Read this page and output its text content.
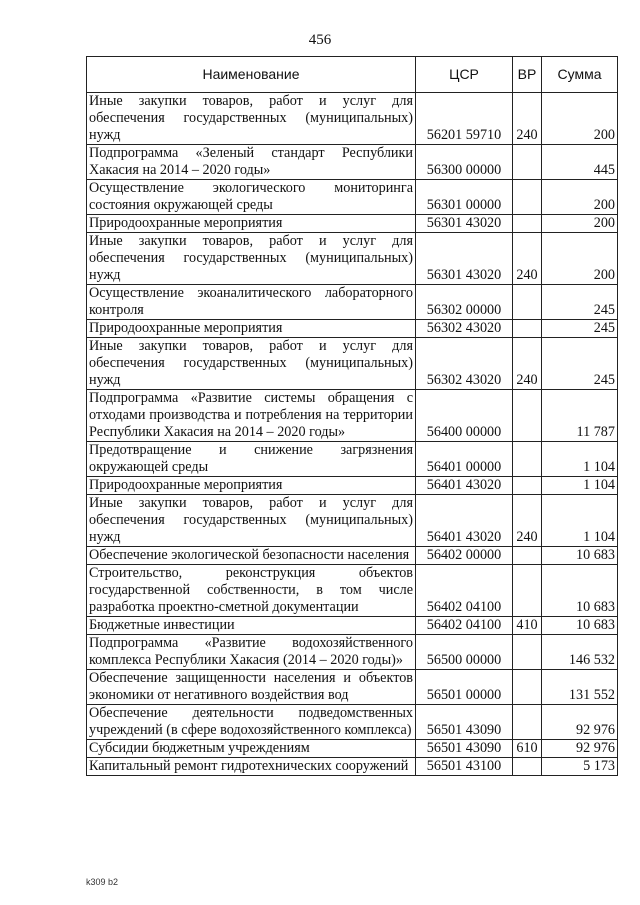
456
Наименование	ЦСР	ВР	Сумма
Иные закупки товаров, работ и услуг для обеспечения государственных (муниципальных) нужд	56201 59710	240	200
Подпрограмма «Зеленый стандарт Республики Хакасия на 2014 – 2020 годы»	56300 00000		445
Осуществление экологического мониторинга состояния окружающей среды	56301 00000		200
Природоохранные мероприятия	56301 43020		200
Иные закупки товаров, работ и услуг для обеспечения государственных (муниципальных) нужд	56301 43020	240	200
Осуществление экоаналитического лабораторного контроля	56302 00000		245
Природоохранные мероприятия	56302 43020		245
Иные закупки товаров, работ и услуг для обеспечения государственных (муниципальных) нужд	56302 43020	240	245
Подпрограмма «Развитие системы обращения с отходами производства и потребления на территории Республики Хакасия на 2014 – 2020 годы»	56400 00000		11 787
Предотвращение и снижение загрязнения окружающей среды	56401 00000		1 104
Природоохранные мероприятия	56401 43020		1 104
Иные закупки товаров, работ и услуг для обеспечения государственных (муниципальных) нужд	56401 43020	240	1 104
Обеспечение экологической безопасности населения	56402 00000		10 683
Строительство, реконструкция объектов государственной собственности, в том числе разработка проектно-сметной документации	56402 04100		10 683
Бюджетные инвестиции	56402 04100	410	10 683
Подпрограмма «Развитие водохозяйственного комплекса Республики Хакасия (2014 – 2020 годы)»	56500 00000		146 532
Обеспечение защищенности населения и объектов экономики от негативного воздействия вод	56501 00000		131 552
Обеспечение деятельности подведомственных учреждений (в сфере водохозяйственного комплекса)	56501 43090		92 976
Субсидии бюджетным учреждениям	56501 43090	610	92 976
Капитальный ремонт гидротехнических сооружений	56501 43100		5 173
k309 b2
